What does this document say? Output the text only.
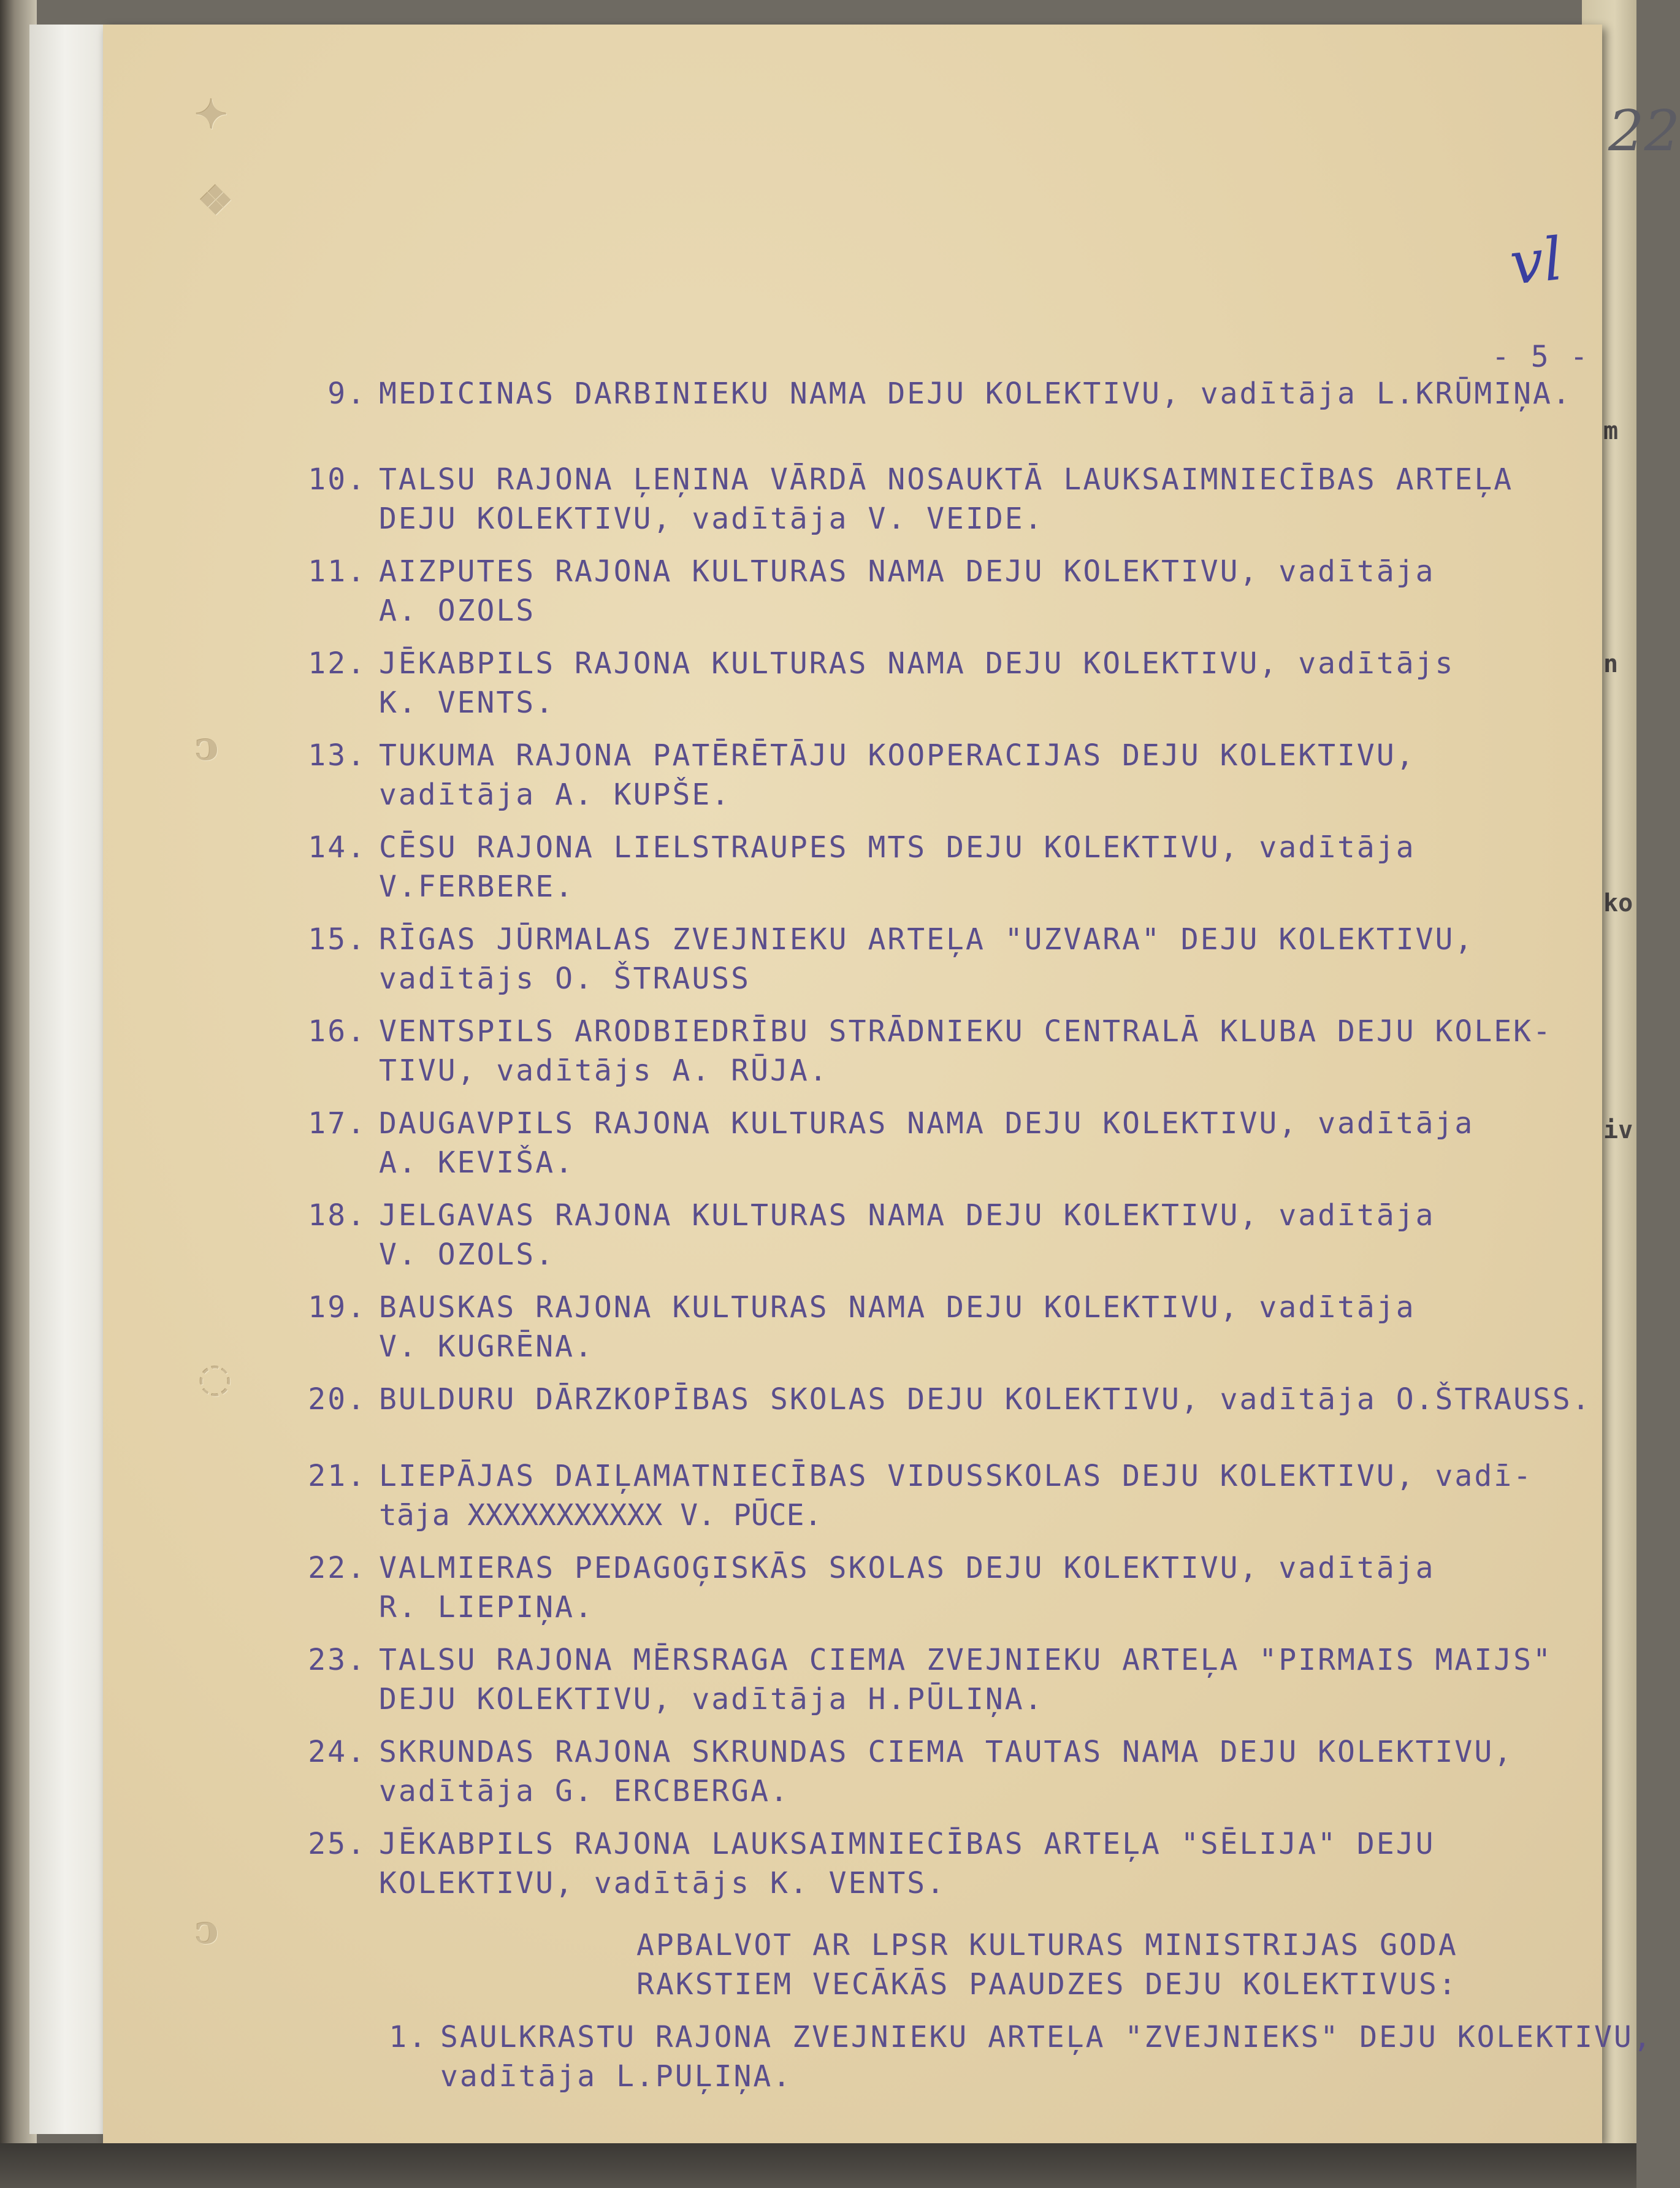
m
n
ko
iv
✦
❖
ↄ
◌
ↄ
22
vl
- 5 -
9. MEDICINAS DARBINIEKU NAMA DEJU KOLEKTIVU, vadītāja L.KRŪMIŅA.
10. TALSU RAJONA ĻEŅINA VĀRDĀ NOSAUKTĀ LAUKSAIMNIECĪBAS ARTEĻA
DEJU KOLEKTIVU, vadītāja V. VEIDE.
11. AIZPUTES RAJONA KULTURAS NAMA DEJU KOLEKTIVU, vadītāja
A. OZOLS
12. JĒKABPILS RAJONA KULTURAS NAMA DEJU KOLEKTIVU, vadītājs
K. VENTS.
13. TUKUMA RAJONA PATĒRĒTĀJU KOOPERACIJAS DEJU KOLEKTIVU,
vadītāja A. KUPŠE.
14. CĒSU RAJONA LIELSTRAUPES MTS DEJU KOLEKTIVU, vadītāja
V.FERBERE.
15. RĪGAS JŪRMALAS ZVEJNIEKU ARTEĻA "UZVARA" DEJU KOLEKTIVU,
vadītājs O. ŠTRAUSS
16. VENTSPILS ARODBIEDRĪBU STRĀDNIEKU CENTRALĀ KLUBA DEJU KOLEK-
TIVU, vadītājs A. RŪJA.
17. DAUGAVPILS RAJONA KULTURAS NAMA DEJU KOLEKTIVU, vadītāja
A. KEVIŠA.
18. JELGAVAS RAJONA KULTURAS NAMA DEJU KOLEKTIVU, vadītāja
V. OZOLS.
19. BAUSKAS RAJONA KULTURAS NAMA DEJU KOLEKTIVU, vadītāja
V. KUGRĒNA.
20. BULDURU DĀRZKOPĪBAS SKOLAS DEJU KOLEKTIVU, vadītāja O.ŠTRAUSS.
21. LIEPĀJAS DAIĻAMATNIECĪBAS VIDUSSKOLAS DEJU KOLEKTIVU, vadī-
tāja XXXXXXXXXXX V. PŪCE.
22. VALMIERAS PEDAGOĢISKĀS SKOLAS DEJU KOLEKTIVU, vadītāja
R. LIEPIŅA.
23. TALSU RAJONA MĒRSRAGA CIEMA ZVEJNIEKU ARTEĻA "PIRMAIS MAIJS"
DEJU KOLEKTIVU, vadītāja H.PŪLIŅA.
24. SKRUNDAS RAJONA SKRUNDAS CIEMA TAUTAS NAMA DEJU KOLEKTIVU,
vadītāja G. ERCBERGA.
25. JĒKABPILS RAJONA LAUKSAIMNIECĪBAS ARTEĻA "SĒLIJA" DEJU
KOLEKTIVU, vadītājs K. VENTS.
APBALVOT AR LPSR KULTURAS MINISTRIJAS GODA
RAKSTIEM VECĀKĀS PAAUDZES DEJU KOLEKTIVUS:
1. SAULKRASTU RAJONA ZVEJNIEKU ARTEĻA "ZVEJNIEKS" DEJU KOLEKTIVU,
vadītāja L.PUĻIŅA.
